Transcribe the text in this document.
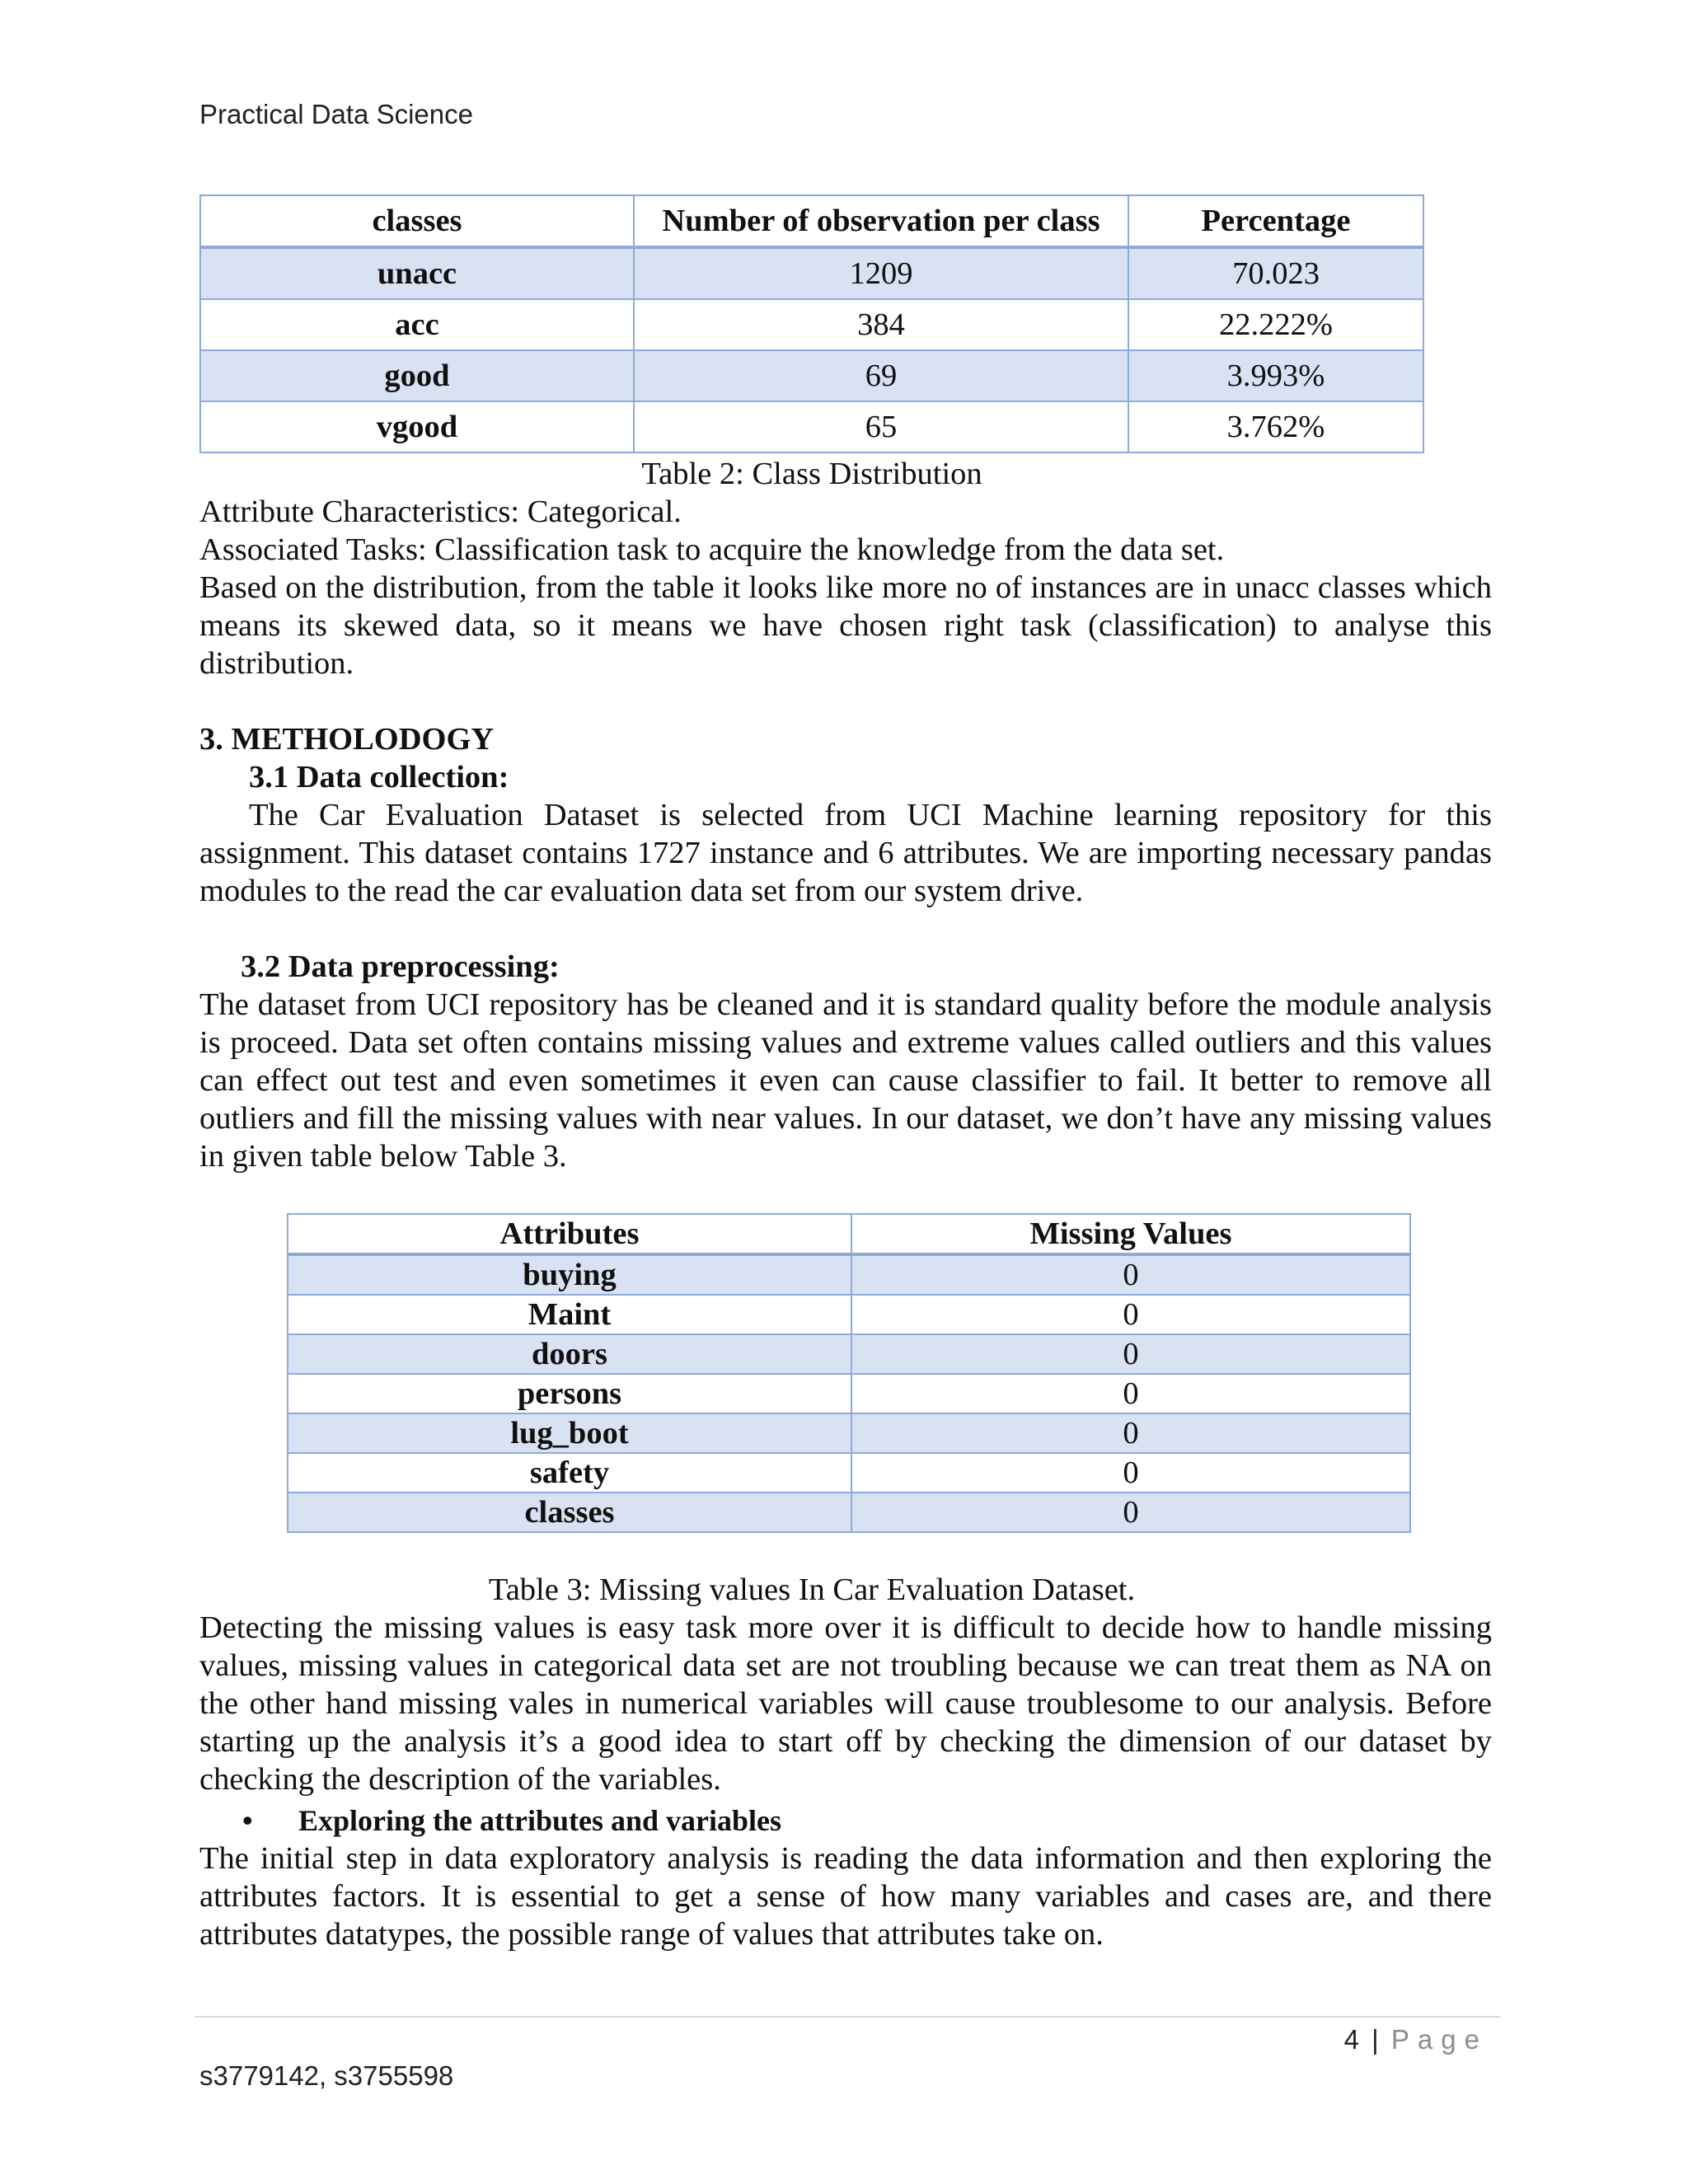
Practical Data Science
classes	Number of observation per class	Percentage
unacc	1209	70.023
acc	384	22.222%
good	69	3.993%
vgood	65	3.762%

Table 2: Class Distribution

Attribute Characteristics: Categorical.

Associated Tasks: Classification task to acquire the knowledge from the data set.

Based on the distribution, from the table it looks like more no of instances are in unacc classes which means its skewed data, so it means we have chosen right task (classification) to analyse this distribution.

3. METHOLODOGY

3.1 Data collection:

The Car Evaluation Dataset is selected from UCI Machine learning repository for this assignment. This dataset contains 1727 instance and 6 attributes. We are importing necessary pandas modules to the read the car evaluation data set from our system drive.

3.2 Data preprocessing:

The dataset from UCI repository has be cleaned and it is standard quality before the module analysis is proceed. Data set often contains missing values and extreme values called outliers and this values can effect out test and even sometimes it even can cause classifier to fail. It better to remove all outliers and fill the missing values with near values. In our dataset, we don’t have any missing values in given table below Table 3.

Attributes	Missing Values
buying	0
Maint	0
doors	0
persons	0
lug_boot	0
safety	0
classes	0

Table 3: Missing values In Car Evaluation Dataset.

Detecting the missing values is easy task more over it is difficult to decide how to handle missing values, missing values in categorical data set are not troubling because we can treat them as NA on the other hand missing vales in numerical variables will cause troublesome to our analysis. Before starting up the analysis it’s a good idea to start off by checking the dimension of our dataset by checking the description of the variables.

•	Exploring the attributes and variables

The initial step in data exploratory analysis is reading the data information and then exploring the attributes factors. It is essential to get a sense of how many variables and cases are, and there attributes datatypes, the possible range of values that attributes take on.

4 | Page
s3779142, s3755598
